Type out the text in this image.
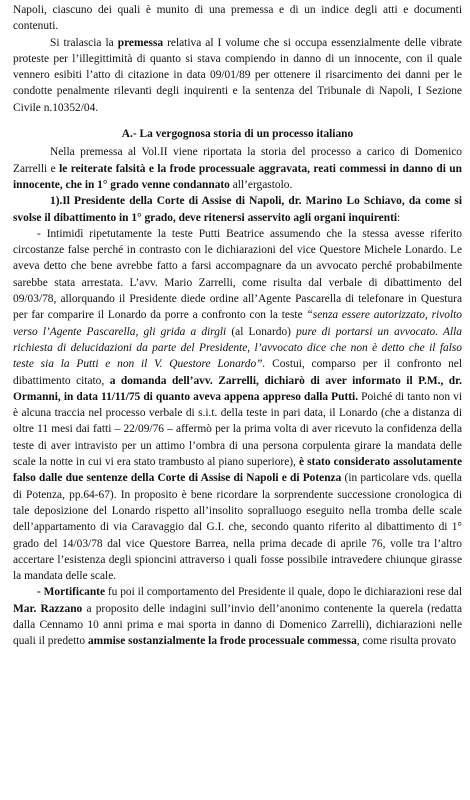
Napoli, ciascuno dei quali è munito di una premessa e di un indice degli atti e documenti contenuti.

Si tralascia la premessa relativa al I volume che si occupa essenzialmente delle vibrate proteste per l’illegittimità di quanto si stava compiendo in danno di un innocente, con il quale vennero esibiti l’atto di citazione in data 09/01/89 per ottenere il risarcimento dei danni per le condotte penalmente rilevanti degli inquirenti e la sentenza del Tribunale di Napoli, I Sezione Civile n.10352/04.

A.- La vergognosa storia di un processo italiano

Nella premessa al Vol.II viene riportata la storia del processo a carico di Domenico Zarrelli e le reiterate falsità e la frode processuale aggravata, reati commessi in danno di un innocente, che in 1° grado venne condannato all’ergastolo.

1).Il Presidente della Corte di Assise di Napoli, dr. Marino Lo Schiavo, da come si svolse il dibattimento in 1° grado, deve ritenersi asservito agli organi inquirenti:

- Intimidì ripetutamente la teste Putti Beatrice assumendo che la stessa avesse riferito circostanze false perché in contrasto con le dichiarazioni del vice Questore Michele Lonardo. Le aveva detto che bene avrebbe fatto a farsi accompagnare da un avvocato perché probabilmente sarebbe stata arrestata. L’avv. Mario Zarrelli, come risulta dal verbale di dibattimento del 09/03/78, allorquando il Presidente diede ordine all’Agente Pascarella di telefonare in Questura per far comparire il Lonardo da porre a confronto con la teste “senza essere autorizzato, rivolto verso l’Agente Pascarella, gli grida a dirgli (al Lonardo) pure di portarsi un avvocato. Alla richiesta di delucidazioni da parte del Presidente, l’avvocato dice che non è detto che il falso teste sia la Putti e non il V. Questore Lonardo”. Costui, comparso per il confronto nel dibattimento citato, a domanda dell’avv. Zarrelli, dichiarò di aver informato il P.M., dr. Ormanni, in data 11/11/75 di quanto aveva appena appreso dalla Putti. Poiché di tanto non vi è alcuna traccia nel processo verbale di s.i.t. della teste in pari data, il Lonardo (che a distanza di oltre 11 mesi dai fatti – 22/09/76 – affermò per la prima volta di aver ricevuto la confidenza della teste di aver intravisto per un attimo l’ombra di una persona corpulenta girare la mandata delle scale la notte in cui vi era stato trambusto al piano superiore), è stato considerato assolutamente falso dalle due sentenze della Corte di Assise di Napoli e di Potenza (in particolare vds. quella di Potenza, pp.64-67). In proposito è bene ricordare la sorprendente successione cronologica di tale deposizione del Lonardo rispetto all’insolito sopralluogo eseguito nella tromba delle scale dell’appartamento di via Caravaggio dal G.I. che, secondo quanto riferito al dibattimento di 1° grado del 14/03/78 dal vice Questore Barrea, nella prima decade di aprile 76, volle tra l’altro accertare l’esistenza degli spioncini attraverso i quali fosse possibile intravedere chiunque girasse la mandata delle scale.

- Mortificante fu poi il comportamento del Presidente il quale, dopo le dichiarazioni rese dal Mar. Razzano a proposito delle indagini sull’invio dell’anonimo contenente la querela (redatta dalla Cennamo 10 anni prima e mai sporta in danno di Domenico Zarrelli), dichiarazioni nelle quali il predetto ammise sostanzialmente la frode processuale commessa, come risulta provato
